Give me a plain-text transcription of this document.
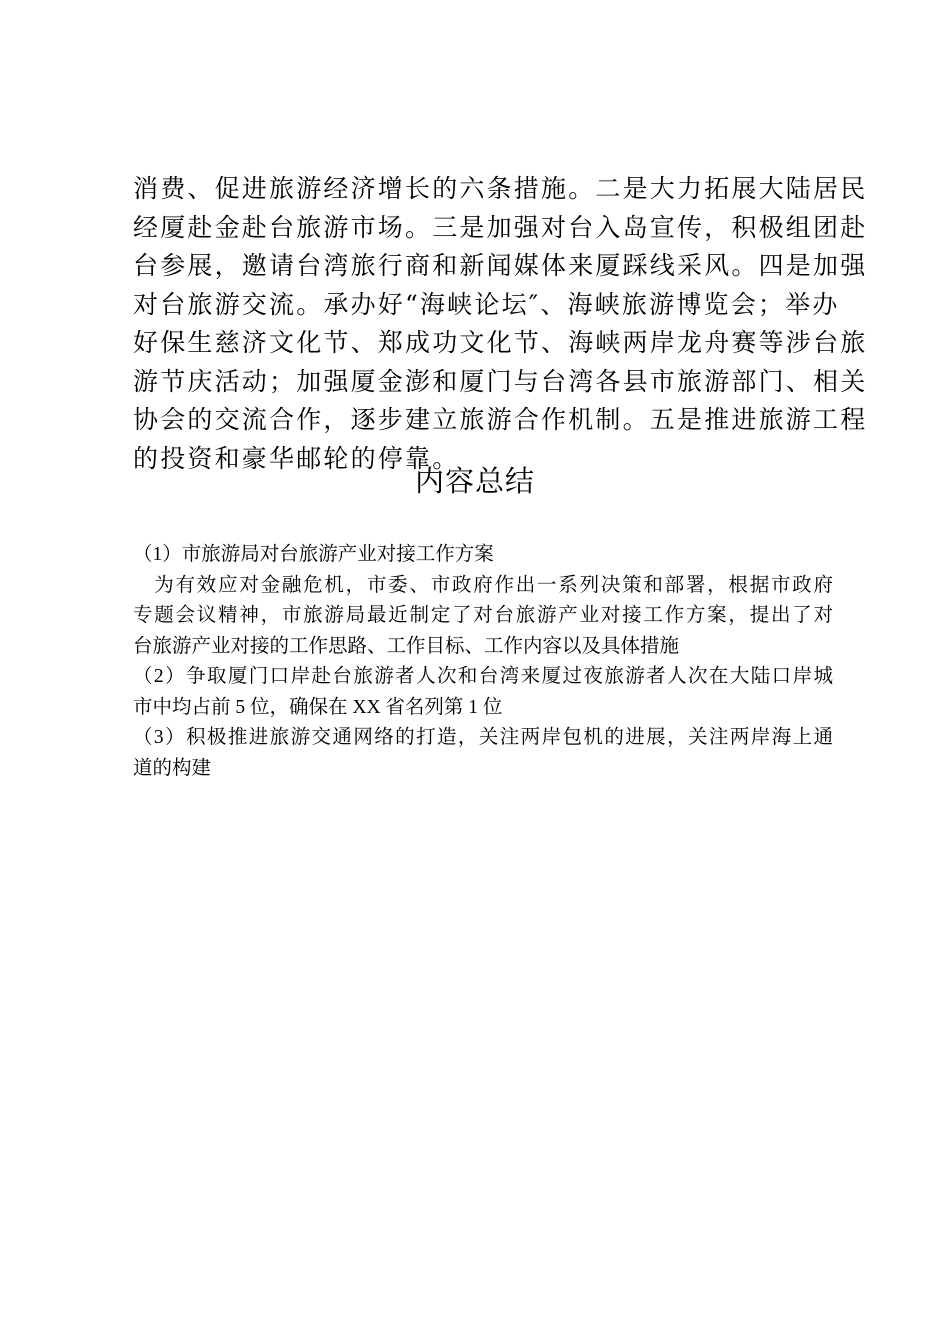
消费、促进旅游经济增长的六条措施。二是大力拓展大陆居民
经厦赴金赴台旅游市场。三是加强对台入岛宣传，积极组团赴
台参展，邀请台湾旅行商和新闻媒体来厦踩线采风。四是加强
对台旅游交流。承办好“海峡论坛″、海峡旅游博览会；举办
好保生慈济文化节、郑成功文化节、海峡两岸龙舟赛等涉台旅
游节庆活动；加强厦金澎和厦门与台湾各县市旅游部门、相关
协会的交流合作，逐步建立旅游合作机制。五是推进旅游工程
的投资和豪华邮轮的停靠。
内容总结
（1）市旅游局对台旅游产业对接工作方案
　为有效应对金融危机，市委、市政府作出一系列决策和部署，根据市政府
专题会议精神，市旅游局最近制定了对台旅游产业对接工作方案，提出了对
台旅游产业对接的工作思路、工作目标、工作内容以及具体措施
（2）争取厦门口岸赴台旅游者人次和台湾来厦过夜旅游者人次在大陆口岸城
市中均占前 5 位，确保在 XX 省名列第 1 位
（3）积极推进旅游交通网络的打造，关注两岸包机的进展，关注两岸海上通
道的构建
